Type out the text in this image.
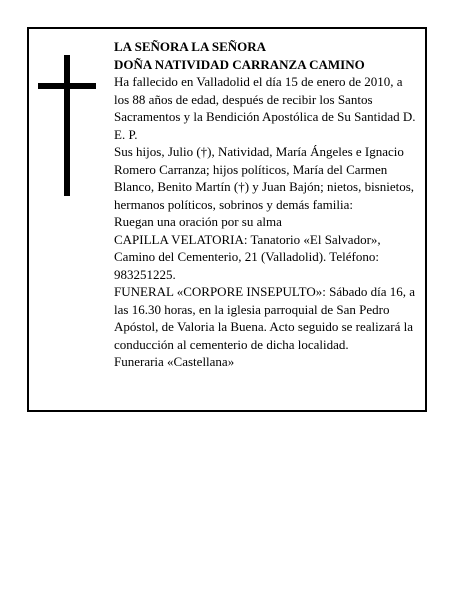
LA SEÑORA LA SEÑORA

DOÑA NATIVIDAD CARRANZA CAMINO

Ha fallecido en Valladolid el día 15 de enero de 2010, a los 88 años de edad, después de recibir los Santos Sacramentos y la Bendición Apostólica de Su Santidad D. E. P.

Sus hijos, Julio (†), Natividad, María Ángeles e Ignacio Romero Carranza; hijos políticos, María del Carmen Blanco, Benito Martín (†) y Juan Bajón; nietos, bisnietos, hermanos políticos, sobrinos y demás familia:

Ruegan una oración por su alma

CAPILLA VELATORIA: Tanatorio «El Salvador», Camino del Cementerio, 21 (Valladolid). Teléfono: 983251225.

FUNERAL «CORPORE INSEPULTO»: Sábado día 16, a las 16.30 horas, en la iglesia parroquial de San Pedro Apóstol, de Valoria la Buena. Acto seguido se realizará la conducción al cementerio de dicha localidad.

Funeraria «Castellana»
